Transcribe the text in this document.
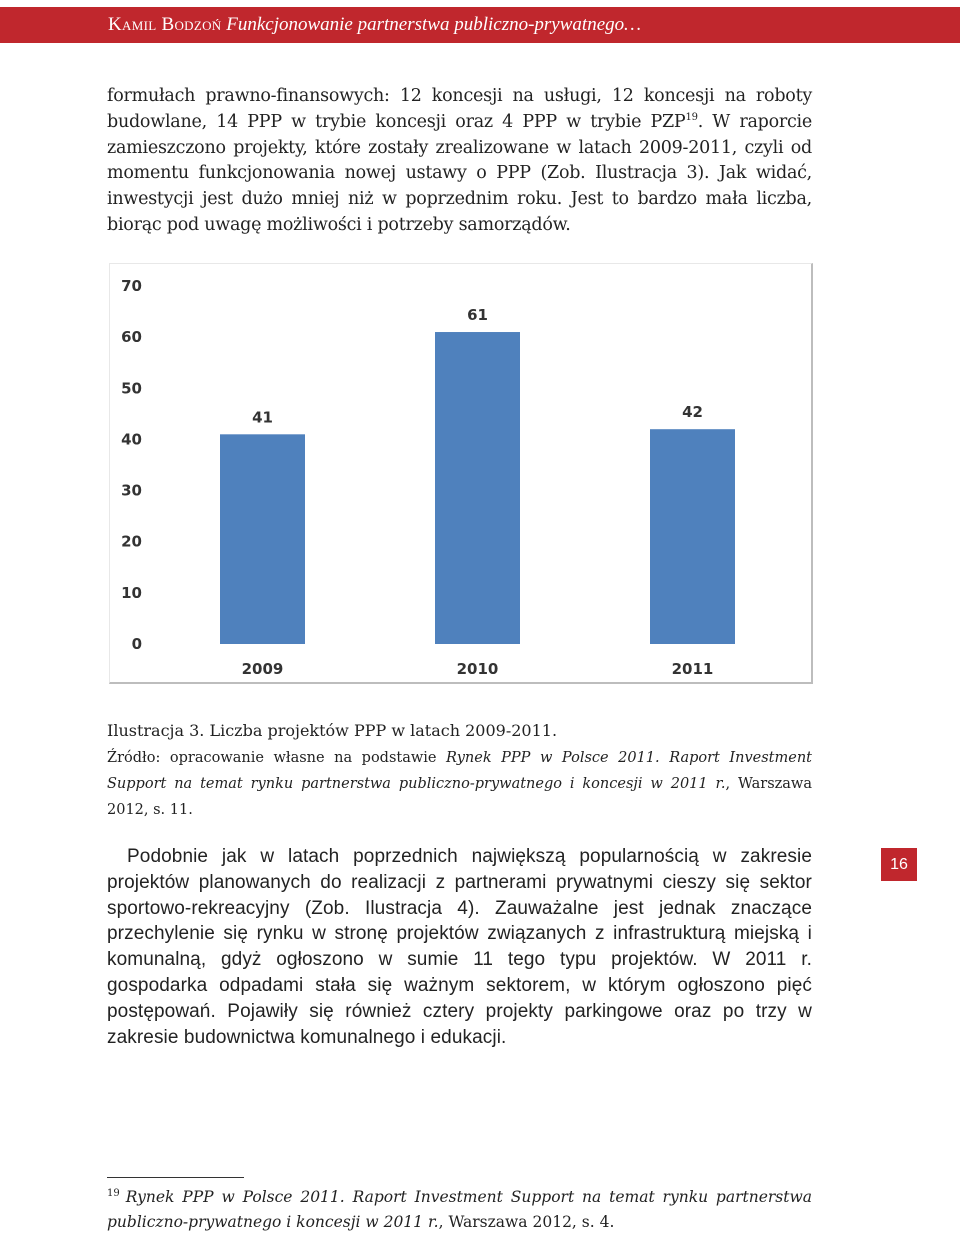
Kamil Bodzoń Funkcjonowanie partnerstwa publiczno-prywatnego…

formułach prawno-finansowych: 12 koncesji na usługi, 12 koncesji na roboty budowlane, 14 PPP w trybie koncesji oraz 4 PPP w trybie PZP$^{19}$. W raporcie zamieszczono projekty, które zostały zrealizowane w latach 2009-2011, czyli od momentu funkcjonowania nowej ustawy o PPP (Zob. Ilustracja 3). Jak widać, inwestycji jest dużo mniej niż w poprzednim roku. Jest to bardzo mała liczba, biorąc pod uwagę możliwości i potrzeby samorządów.

0
10
20
30
40
50
60
70
41
2009
61
2010
42
2011
Ilustracja 3. Liczba projektów PPP w latach 2009-2011.

Źródło: opracowanie własne na podstawie Rynek PPP w Polsce 2011. Raport Investment Support na temat rynku partnerstwa publiczno-prywatnego i koncesji w 2011 r., Warszawa 2012, s. 11.

Podobnie jak w latach poprzednich największą popularnością w zakresie projektów planowanych do realizacji z partnerami prywatnymi cieszy się sektor sportowo-rekreacyjny (Zob. Ilustracja 4). Zauważalne jest jednak znaczące przechylenie się rynku w stronę projektów związanych z infrastrukturą miejską i komunalną, gdyż ogłoszono w sumie 11 tego typu projektów. W 2011 r. gospodarka odpadami stała się ważnym sektorem, w którym ogłoszono pięć postępowań. Pojawiły się również cztery projekty parkingowe oraz po trzy w zakresie budownictwa komunalnego i edukacji.

16

$^{19}$ Rynek PPP w Polsce 2011. Raport Investment Support na temat rynku partnerstwa publiczno-prywatnego i koncesji w 2011 r., Warszawa 2012, s. 4.
